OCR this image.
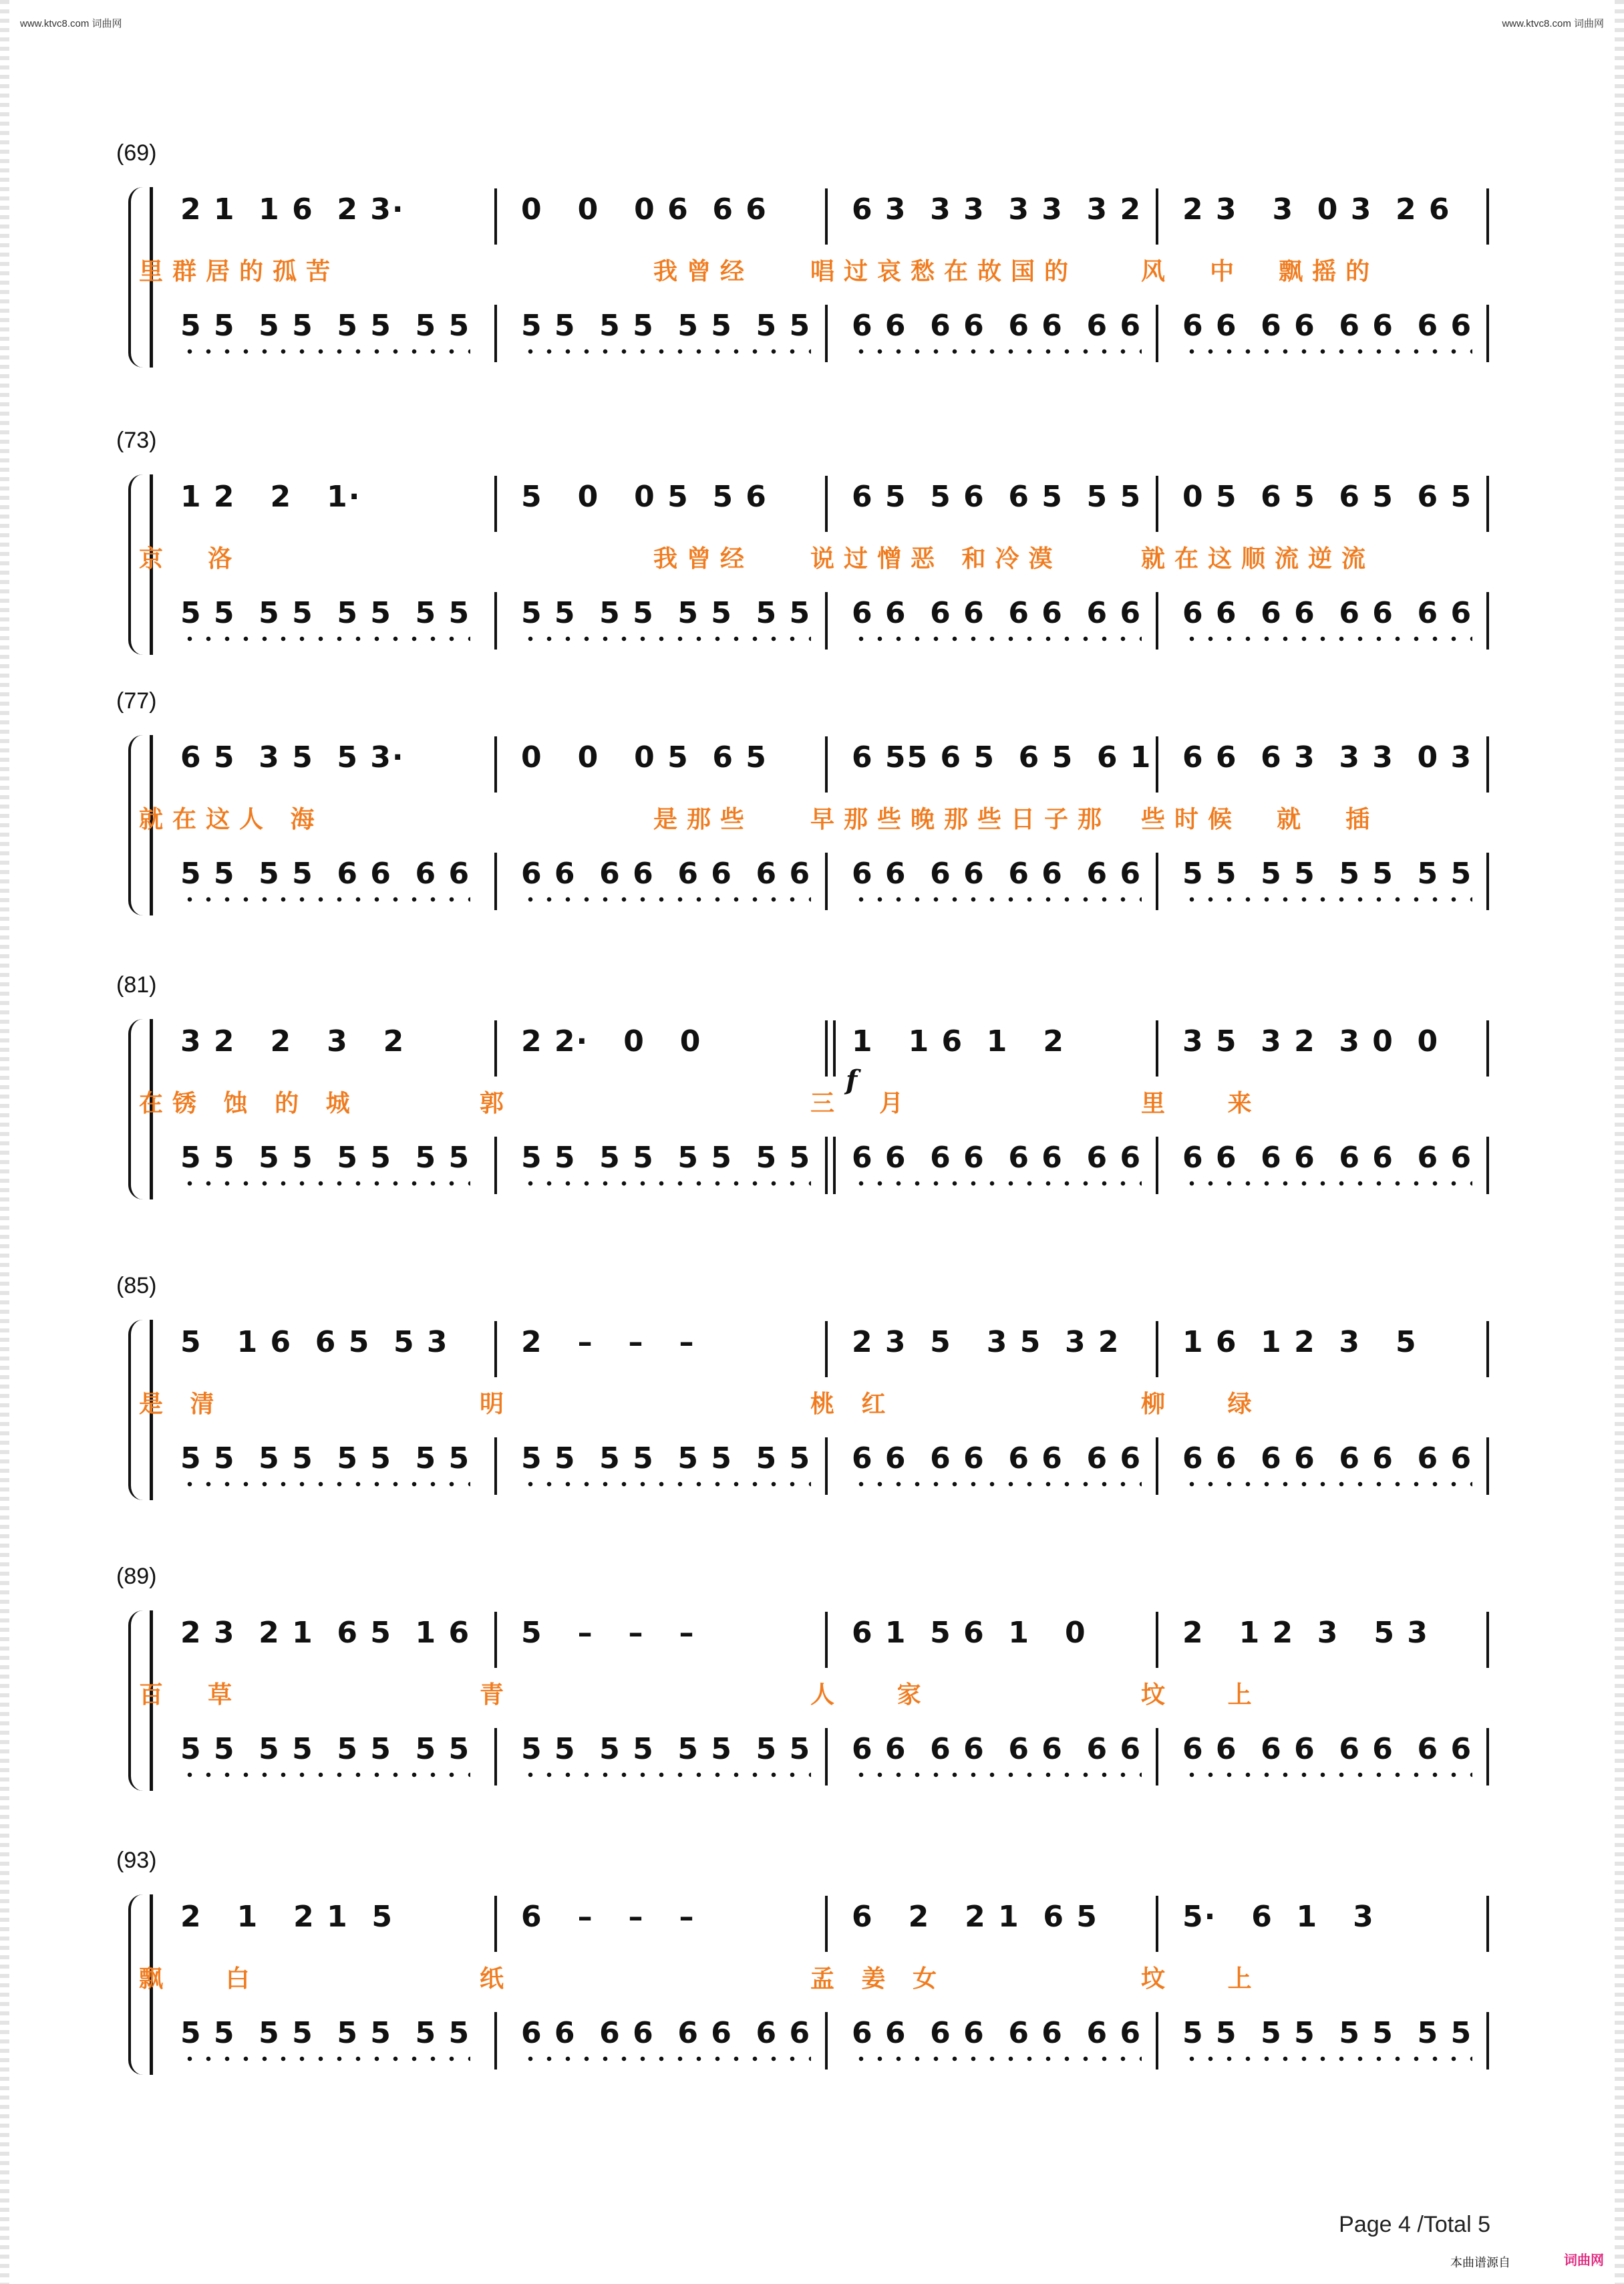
www.ktvc8.com 词曲网	www.ktvc8.com 词曲网
(69)
2 1  1 6  2 3·	0   0   0 6  6 6	6 3  3 3  3 3  3 2 2 3   3  0 3  2 6
里群居的孤苦	我曾经 唱过哀愁在故国的	风  中  飘摇的
5 5  5 5  5 5  5 5 5 5  5 5  5 5  5 5 6 6  6 6  6 6  6 6 6 6  6 6  6 6  6 6
(73)
1 2   2   1·	5   0   0 5  5 6	6 5  5 6  6 5  5 5 0 5  6 5  6 5  6 5
京  洛	我曾经 说过憎恶 和冷漠	就在这顺流逆流
5 5  5 5  5 5  5 5 5 5  5 5  5 5  5 5 6 6  6 6  6 6  6 6 6 6  6 6  6 6  6 6
(77)
6 5  3 5  5 3·	0   0   0 5  6 5	6 55 6 5  6 5  6 1 6 6  6 3  3 3  0 3
就在这人 海	是那些 早那些晚那些日子那 些时候  就  插
5 5  5 5  6 6  6 6 6 6  6 6  6 6  6 6 6 6  6 6  6 6  6 6 5 5  5 5  5 5  5 5
(81)
3 2   2   3   2	2 2·   0   0	1   1 6  1   2	3 5  3 2  3 0  0
f
在锈 蚀 的 城	郭	三  月	里   来
5 5  5 5  5 5  5 5 5 5  5 5  5 5  5 5 6 6  6 6  6 6  6 6 6 6  6 6  6 6  6 6
(85)
5   1 6  6 5  5 3 2   –   –   –	2 3  5   3 5  3 2 1 6  1 2  3   5
是 清	明	桃 红	柳   绿
5 5  5 5  5 5  5 5 5 5  5 5  5 5  5 5 6 6  6 6  6 6  6 6 6 6  6 6  6 6  6 6
(89)
2 3  2 1  6 5  1 6 5   –   –   –	6 1  5 6  1   0	2   1 2  3   5 3
百  草	青	人   家	坟   上
5 5  5 5  5 5  5 5 5 5  5 5  5 5  5 5 6 6  6 6  6 6  6 6 6 6  6 6  6 6  6 6
(93)
2   1   2 1  5	6   –   –   –	6   2   2 1  6 5	5·   6  1   3
飘   白	纸	孟 姜 女	坟   上
5 5  5 5  5 5  5 5 6 6  6 6  6 6  6 6 6 6  6 6  6 6  6 6 5 5  5 5  5 5  5 5
Page 4 /Total 5
本曲谱源自	词曲网
